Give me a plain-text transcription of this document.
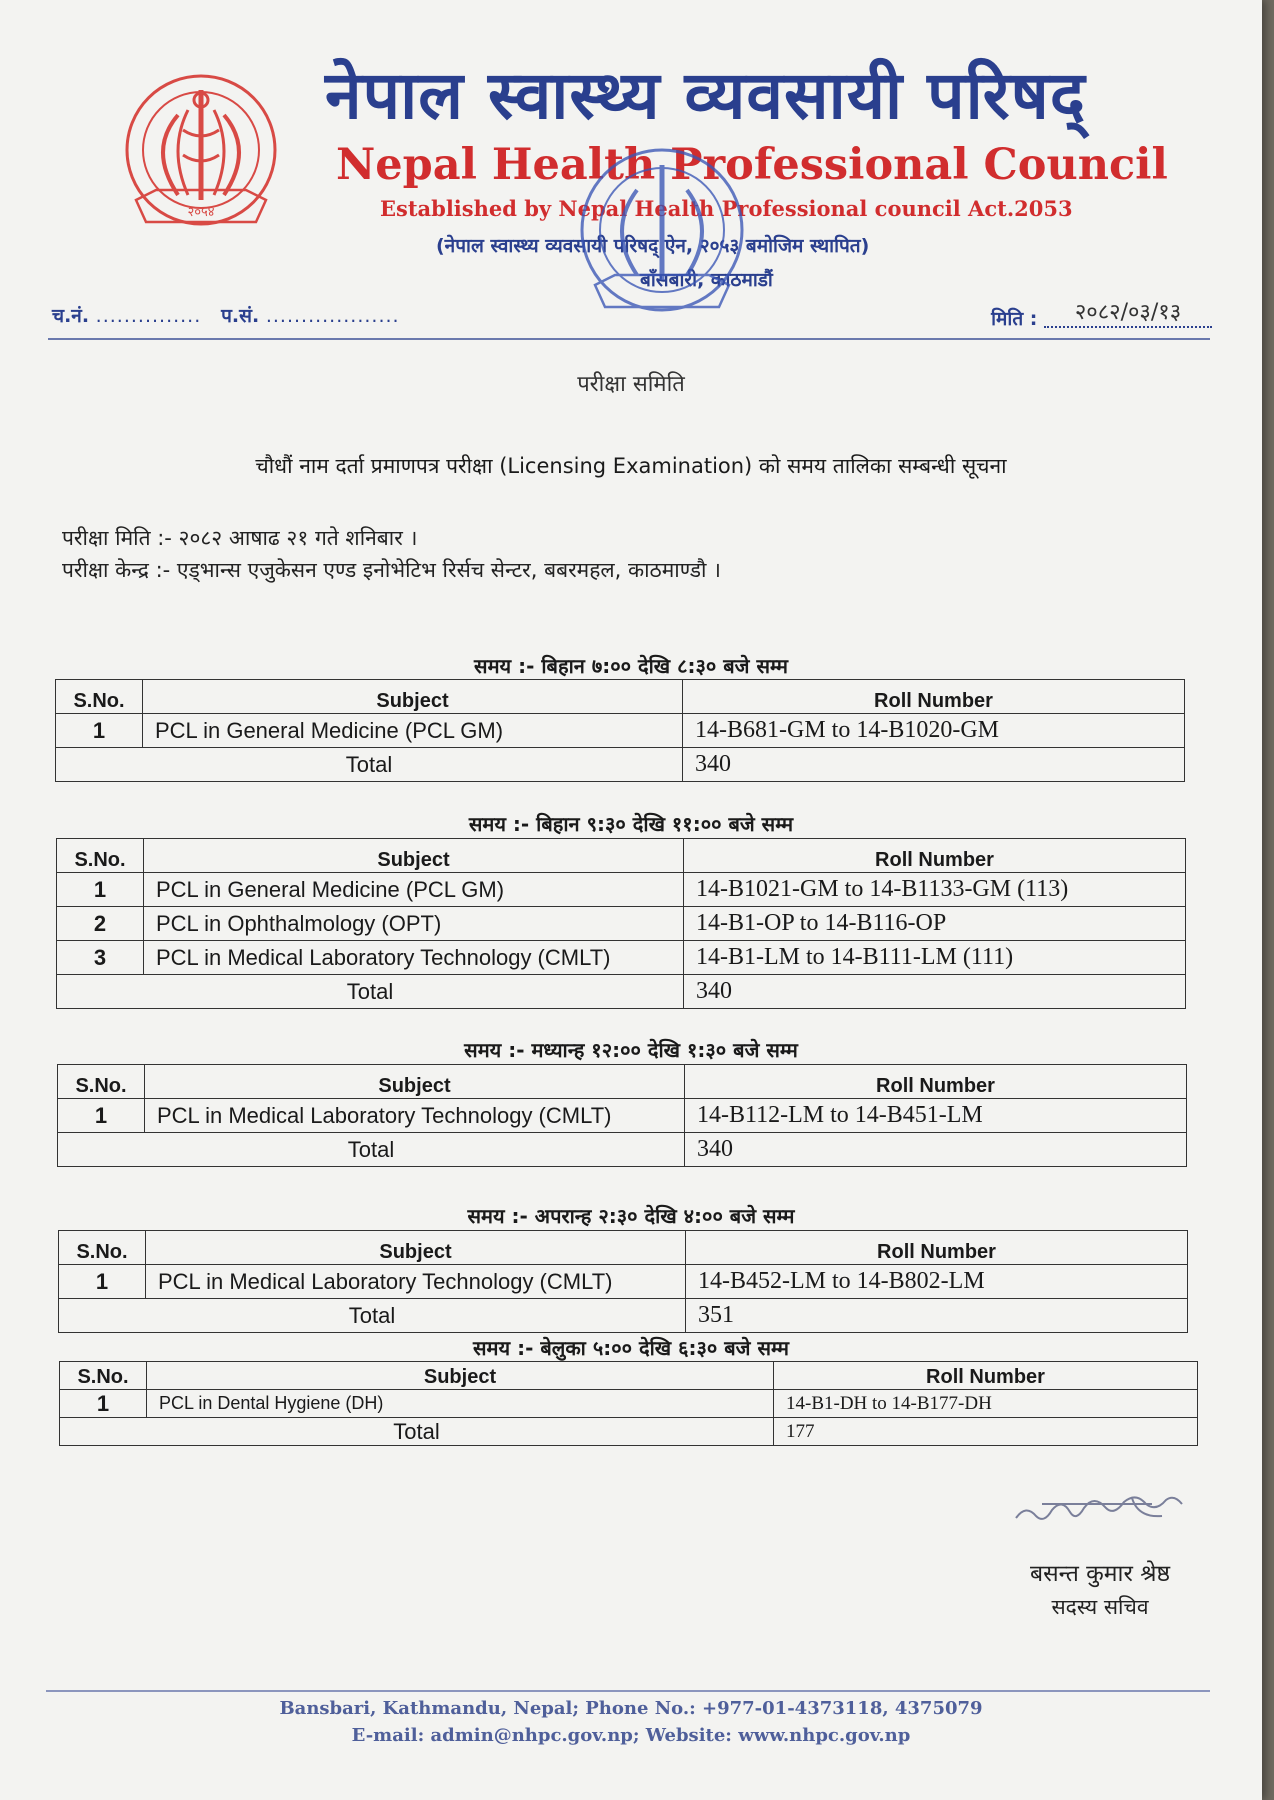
२०५४
नेपाल स्वास्थ्य व्यवसायी परिषद्
Nepal Health Professional Council
Established by Nepal Health Professional council Act.2053
(नेपाल स्वास्थ्य व्यवसायी परिषद् ऐन, २०५३ बमोजिम स्थापित)
बाँसबारी, काठमाडौं
च.नं. ............... प.सं. ...................	मिति : २०८२/०३/१३
परीक्षा समिति
चौधौं नाम दर्ता प्रमाणपत्र परीक्षा (Licensing Examination) को समय तालिका सम्बन्धी सूचना
परीक्षा मिति :- २०८२ आषाढ २१ गते शनिबार ।
परीक्षा केन्द्र :- एड्भान्स एजुकेसन एण्ड इनोभेटिभ रिर्सच सेन्टर, बबरमहल, काठमाण्डौ ।
समय :- बिहान ७:०० देखि ८:३० बजे सम्म
S.No.	Subject	Roll Number
1	PCL in General Medicine (PCL GM)	14-B681-GM to 14-B1020-GM
Total		340
समय :- बिहान ९:३० देखि ११:०० बजे सम्म
S.No.	Subject	Roll Number
1	PCL in General Medicine (PCL GM)	14-B1021-GM to 14-B1133-GM (113)
2	PCL in Ophthalmology (OPT)	14-B1-OP to 14-B116-OP
3	PCL in Medical Laboratory Technology (CMLT)	14-B1-LM to 14-B111-LM (111)
Total		340
समय :- मध्यान्ह १२:०० देखि १:३० बजे सम्म
S.No.	Subject	Roll Number
1	PCL in Medical Laboratory Technology (CMLT)	14-B112-LM to 14-B451-LM
Total		340
समय :- अपरान्ह २:३० देखि ४:०० बजे सम्म
S.No.	Subject	Roll Number
1	PCL in Medical Laboratory Technology (CMLT)	14-B452-LM to 14-B802-LM
Total		351
समय :- बेलुका ५:०० देखि ६:३० बजे सम्म
S.No.	Subject	Roll Number
1	PCL in Dental Hygiene (DH)	14-B1-DH to 14-B177-DH
Total		177
बसन्त कुमार श्रेष्ठ
सदस्य सचिव
Bansbari, Kathmandu, Nepal; Phone No.: +977-01-4373118, 4375079
E-mail: admin@nhpc.gov.np; Website: www.nhpc.gov.np
